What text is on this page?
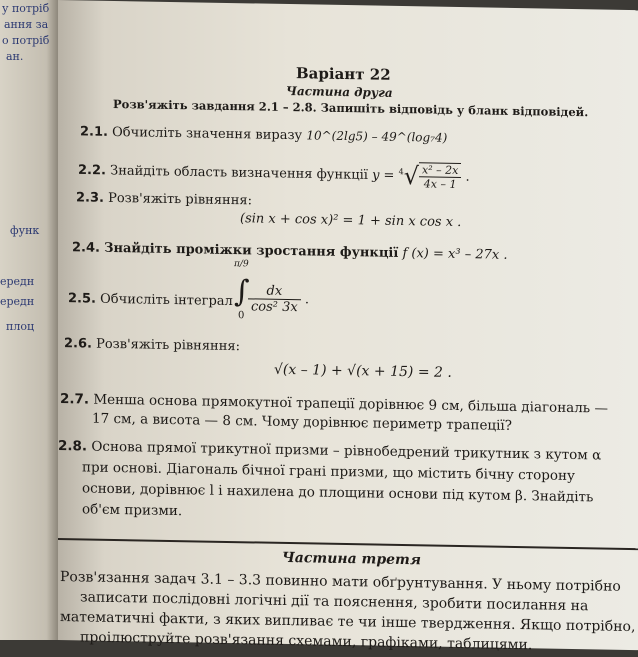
у потріб
ання за
о потріб
ан.
функ
ередн
ередн
плоц
Варіант 22
Частина друга
Розв'яжіть завдання 2.1 – 2.8. Запишіть відповідь у бланк відповідей.
2.1. Обчисліть значення виразу 10^(2lg5) – 49^(log₇4)
2.2. Знайдіть область визначення функції $y = ^4√ \frac{\text{x² – 2x}}{4x - 1}$ .
2.3. Розв'яжіть рівняння:
(sin x + cos x)² = 1 + sin x cos x .
2.4. Знайдіть проміжки зростання функції f (x) = x³ – 27x .
2.5. Обчисліть інтеграл
π/9
∫
0
$\frac{dx}{\text{cos² 3x}}$ .
2.6. Розв'яжіть рівняння:
√(x – 1) + √(x + 15) = 2 .
2.7. Менша основа прямокутної трапеції дорівнює 9 см, більша діагональ —
17 см, а висота — 8 см. Чому дорівнює периметр трапеції?
2.8. Основа прямої трикутної призми – рівнобедрений трикутник з кутом α
при основі. Діагональ бічної грані призми, що містить бічну сторону
основи, дорівнює l і нахилена до площини основи під кутом β. Знайдіть
об'єм призми.
Частина третя
Розв'язання задач 3.1 – 3.3 повинно мати обґрунтування. У ньому потрібно
записати послідовні логічні дії та пояснення, зробити посилання на
математичні факти, з яких випливає те чи інше твердження. Якщо потрібно,
проілюструйте розв'язання схемами, графіками, таблицями.
